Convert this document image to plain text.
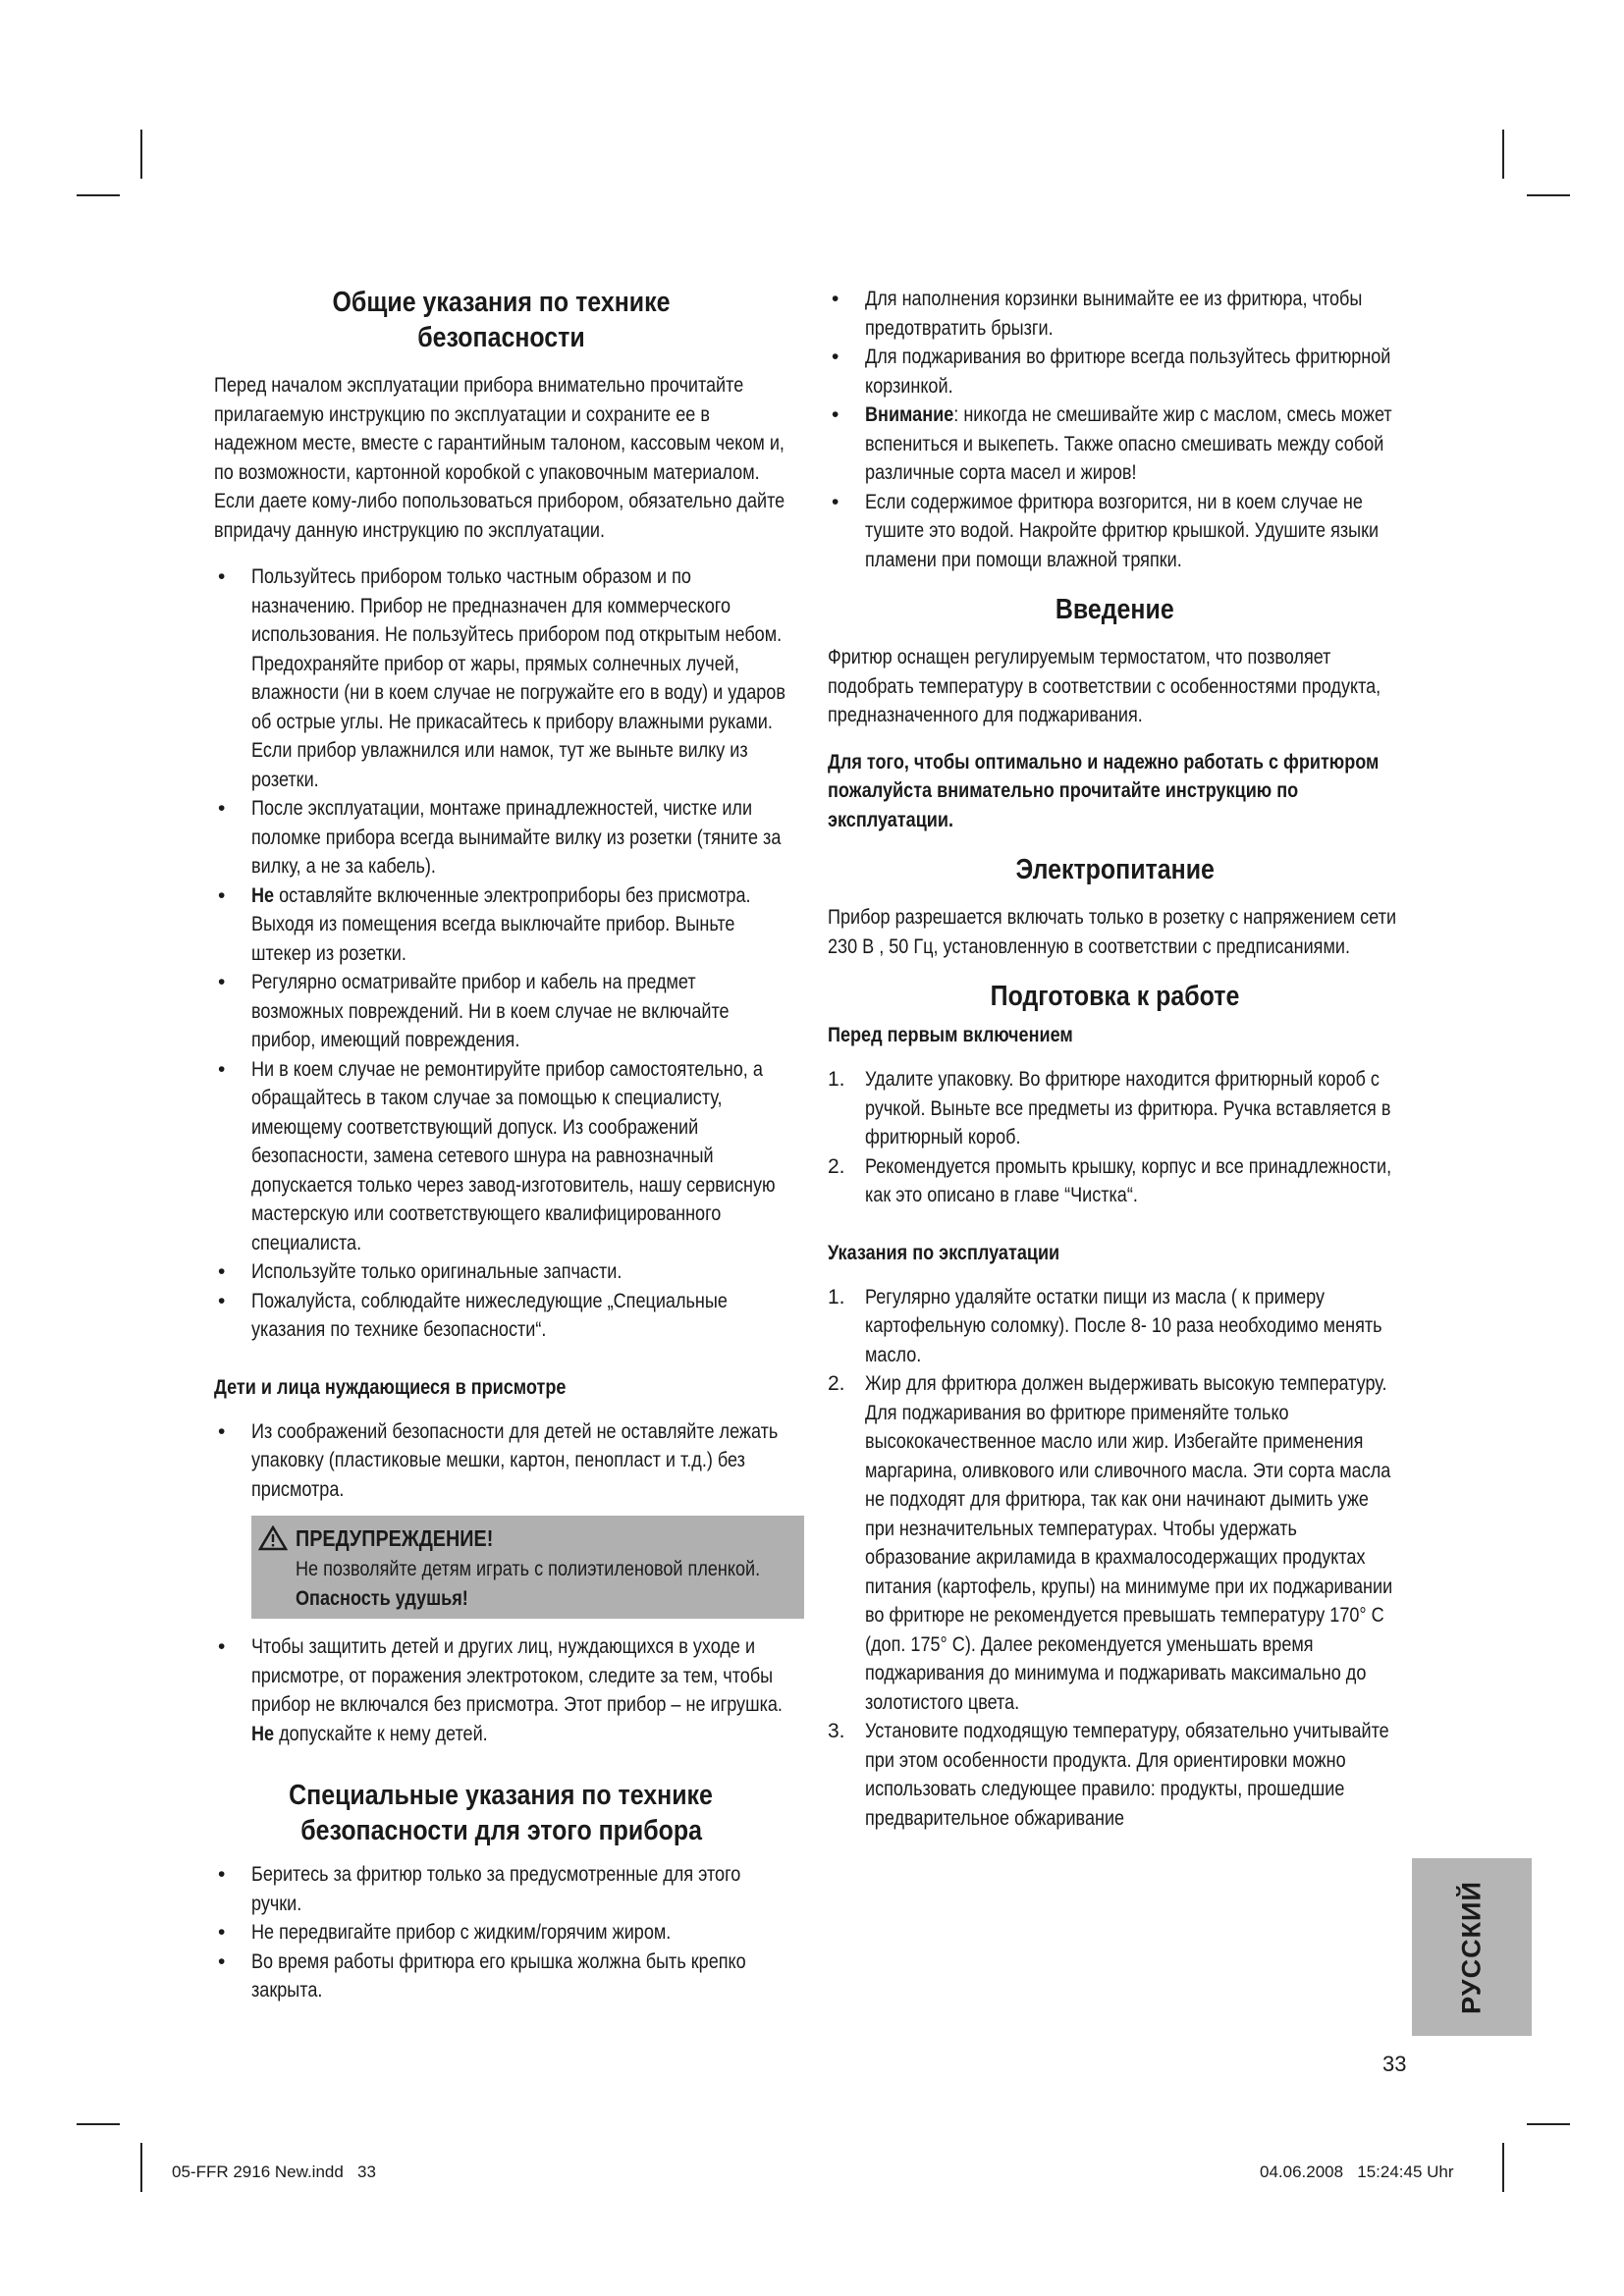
Общие указания по технике безопасности

Перед началом эксплуатации прибора внимательно прочитайте прилагаемую инструкцию по эксплуатации и сохраните ее в надежном месте, вместе с гарантийным талоном, кассовым чеком и, по возможности, картонной коробкой с упаковочным материалом. Если даете кому-либо попользоваться прибором, обязательно дайте впридачу данную инструкцию по эксплуатации.

• Пользуйтесь прибором только частным образом и по назначению. Прибор не предназначен для коммерческого использования. Не пользуйтесь прибором под открытым небом. Предохраняйте прибор от жары, прямых солнечных лучей, влажности (ни в коем случае не погружайте его в воду) и ударов об острые углы. Не прикасайтесь к прибору влажными руками. Если прибор увлажнился или намок, тут же выньте вилку из розетки.
• После эксплуатации, монтаже принадлежностей, чистке или поломке прибора всегда вынимайте вилку из розетки (тяните за вилку, а не за кабель).
• Не оставляйте включенные электроприборы без присмотра. Выходя из помещения всегда выключайте прибор. Выньте штекер из розетки.
• Регулярно осматривайте прибор и кабель на предмет возможных повреждений. Ни в коем случае не включайте прибор, имеющий повреждения.
• Ни в коем случае не ремонтируйте прибор самостоятельно, а обращайтесь в таком случае за помощью к специалисту, имеющему соответствующий допуск. Из соображений безопасности, замена сетевого шнура на равнозначный допускается только через завод-изготовитель, нашу сервисную мастерскую или соответствующего квалифицированного специалиста.
• Используйте только оригинальные запчасти.
• Пожалуйста, соблюдайте нижеследующие „Специальные указания по технике безопасности“.
Дети и лица нуждающиеся в присмотре
• Из соображений безопасности для детей не оставляйте лежать упаковку (пластиковые мешки, картон, пенопласт и т.д.) без присмотра.
ПРЕДУПРЕЖДЕНИЕ!
Не позволяйте детям играть с полиэтиленовой пленкой. Опасность удушья!
• Чтобы защитить детей и других лиц, нуждающихся в уходе и присмотре, от поражения электротоком, следите за тем, чтобы прибор не включался без присмотра. Этот прибор – не игрушка. Не допускайте к нему детей.
Специальные указания по технике
безопасности для этого прибора
• Беритесь за фритюр только за предусмотренные для этого ручки.
• Не передвигайте прибор с жидким/горячим жиром.
• Во время работы фритюра его крышка жолжна быть крепко закрыта.
• Для наполнения корзинки вынимайте ее из фритюра, чтобы предотвратить брызги.
• Для поджаривания во фритюре всегда пользуйтесь фритюрной корзинкой.
• Внимание: никогда не смешивайте жир с маслом, смесь может вспениться и выкепеть. Также опасно смешивать между собой различные сорта масел и жиров!
• Если содержимое фритюра возгорится, ни в коем случае не тушите это водой. Накройте фритюр крышкой. Удушите языки пламени при помощи влажной тряпки.
Введение

Фритюр оснащен регулируемым термостатом, что позволяет подобрать температуру в соответствии с особенностями продукта, предназначенного для поджаривания.

Для того, чтобы оптимально и надежно работать с фритюром пожалуйста внимательно прочитайте инструкцию по эксплуатации.

Электропитание

Прибор разрешается включать только в розетку с напряжением сети

230 В , 50 Гц, установленную в соответствии с предписаниями.

Подготовка к работе
Перед первым включением
1. Удалите упаковку. Во фритюре находится фритюрный короб с ручкой. Выньте все предметы из фритюра. Ручка вставляется в фритюрный короб.
2. Рекомендуется промыть крышку, корпус и все принадлежности, как это описано в главе “Чистка“.
Указания по эксплуатации
1. Регулярно удаляйте остатки пищи из масла ( к примеру картофельную соломку). После 8- 10 раза необходимо менять масло.
2. Жир для фритюра должен выдерживать высокую температуру. Для поджаривания во фритюре применяйте только высококачественное масло или жир. Избегайте применения маргарина, оливкового или сливочного масла. Эти сорта масла не подходят для фритюра, так как они начинают дымить уже при незначительных температурах. Чтобы удержать образование акриламида в крахмалосодержащих продуктах питания (картофель, крупы) на минимуме при их поджаривании во фритюре не рекомендуется превышать температуру 170° С (доп. 175° С). Далее рекомендуется уменьшать время поджаривания до минимума и поджаривать максимально до золотистого цвета.
3. Установите подходящую температуру, обязательно учитывайте при этом особенности продукта. Для ориентировки можно использовать следующее правило: продукты, прошедшие предварительное обжаривание
РУССКИЙ
33
05-FFR 2916 New.indd   33	04.06.2008   15:24:45 Uhr
